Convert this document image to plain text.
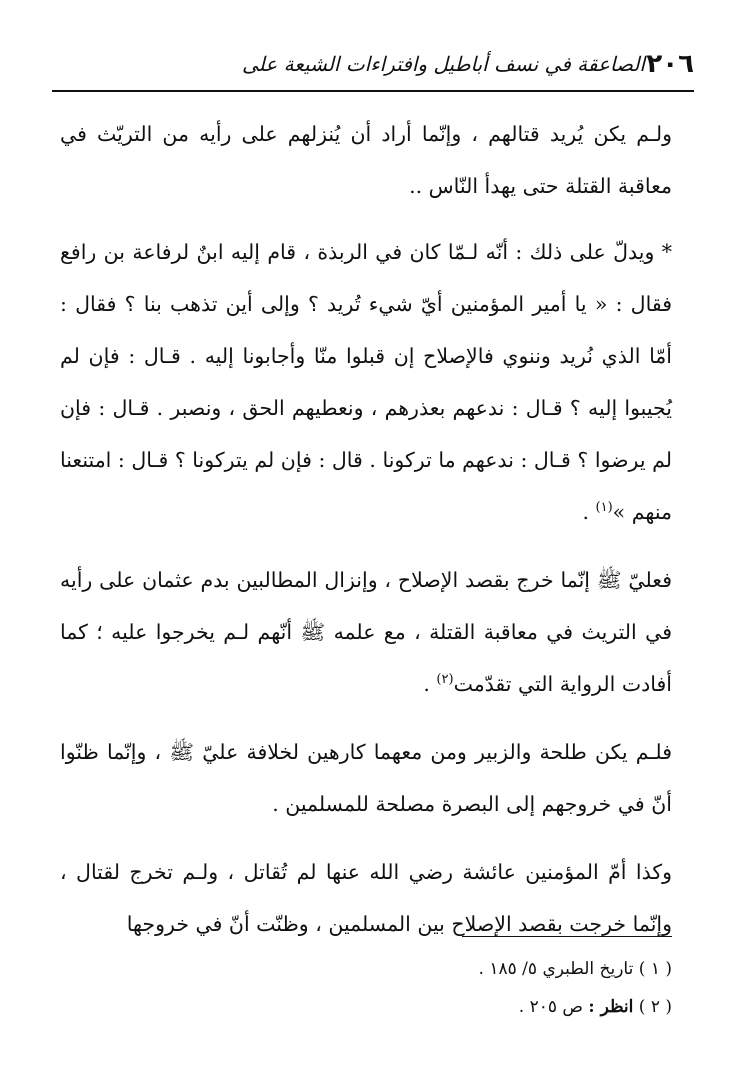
٢٠٦
الصاعقة في نسف أباطيل وافتراءات الشيعة على

ولـم يكن يُريد قتالهم ، وإنّما أراد أن يُنزلهم على رأيه من التريّث في معاقبة القتلة حتى يهدأ النّاس ..

* ويدلّ على ذلك : أنّه لـمّا كان في الربذة ، قام إليه ابنٌ لرفاعة بن رافع فقال : « يا أمير المؤمنين أيّ شيء تُريد ؟ وإلى أين تذهب بنا ؟ فقال : أمّا الذي نُريد وننوي فالإصلاح إن قبلوا منّا وأجابونا إليه . قـال : فإن لم يُجيبوا إليه ؟ قـال : ندعهم بعذرهم ، ونعطيهم الحق ، ونصبر . قـال : فإن لم يرضوا ؟ قـال : ندعهم ما تركونا . قال : فإن لم يتركونا ؟ قـال : امتنعنا منهم »$^{(١)}$ .

فعليّ ﷺ إنّما خرج بقصد الإصلاح ، وإنزال المطالبين بدم عثمان على رأيه في التريث في معاقبة القتلة ، مع علمه ﷺ أنّهم لـم يخرجوا عليه ؛ كما أفادت الرواية التي تقدّمت$^{(٢)}$ .

فلـم يكن طلحة والزبير ومن معهما كارهين لخلافة عليّ ﷺ ، وإنّما ظنّوا أنّ في خروجهم إلى البصرة مصلحة للمسلمين .

وكذا أمّ المؤمنين عائشة رضي الله عنها لم تُقاتل ، ولـم تخرج لقتال ، وإنّما خرجت بقصد الإصلاح بين المسلمين ، وظنّت أنّ في خروجها

( ١ ) تاريخ الطبري ٥/ ١٨٥ .
( ٢ ) انظر : ص ٢٠٥ .
